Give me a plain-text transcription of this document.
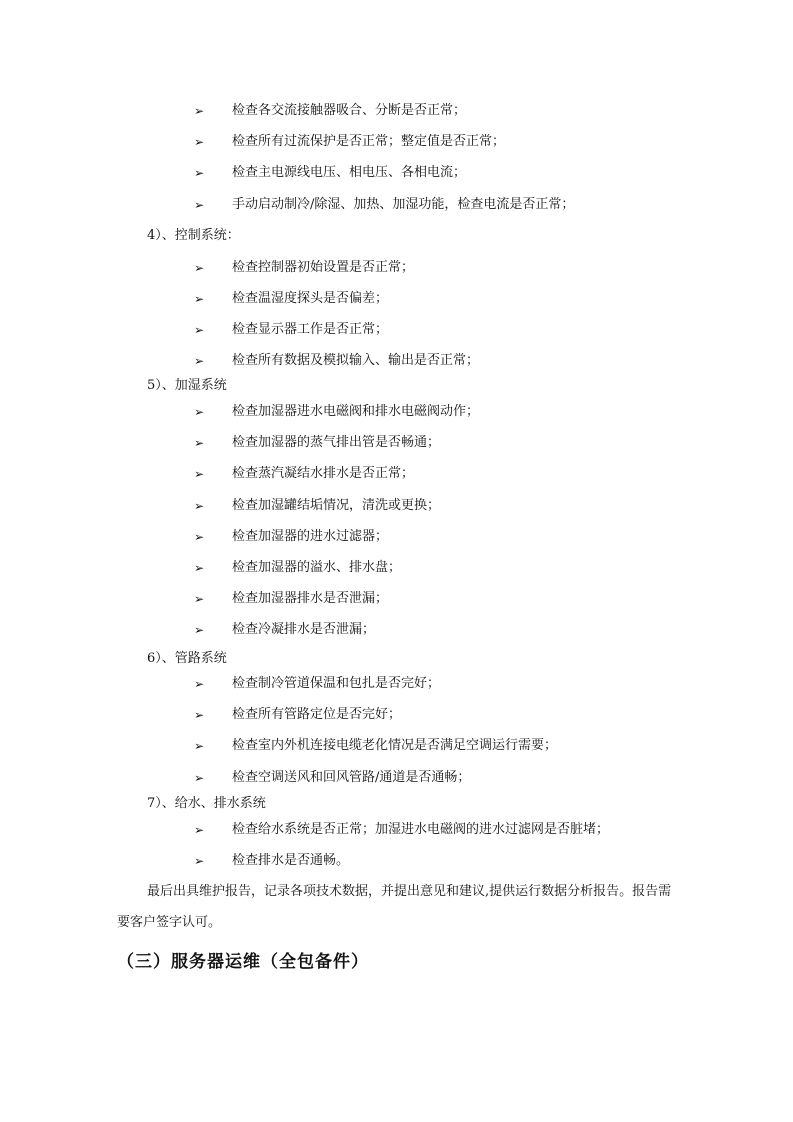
➢ 检查各交流接触器吸合、分断是否正常；
➢ 检查所有过流保护是否正常；整定值是否正常；
➢ 检查主电源线电压、相电压、各相电流；
➢ 手动启动制冷/除湿、加热、加湿功能，检查电流是否正常；
4）、控制系统：
➢ 检查控制器初始设置是否正常；
➢ 检查温湿度探头是否偏差；
➢ 检查显示器工作是否正常；
➢ 检查所有数据及模拟输入、输出是否正常；
5）、加湿系统
➢ 检查加湿器进水电磁阀和排水电磁阀动作；
➢ 检查加湿器的蒸气排出管是否畅通；
➢ 检查蒸汽凝结水排水是否正常；
➢ 检查加湿罐结垢情况，清洗或更换；
➢ 检查加湿器的进水过滤器；
➢ 检查加湿器的溢水、排水盘；
➢ 检查加湿器排水是否泄漏；
➢ 检查冷凝排水是否泄漏；
6）、管路系统
➢ 检查制冷管道保温和包扎是否完好；
➢ 检查所有管路定位是否完好；
➢ 检查室内外机连接电缆老化情况是否满足空调运行需要；
➢ 检查空调送风和回风管路/通道是否通畅；
7）、给水、排水系统
➢ 检查给水系统是否正常；加湿进水电磁阀的进水过滤网是否脏堵；
➢ 检查排水是否通畅。
最后出具维护报告，记录各项技术数据，并提出意见和建议,提供运行数据分析报告。报告需
要客户签字认可。
（三）服务器运维（全包备件）
